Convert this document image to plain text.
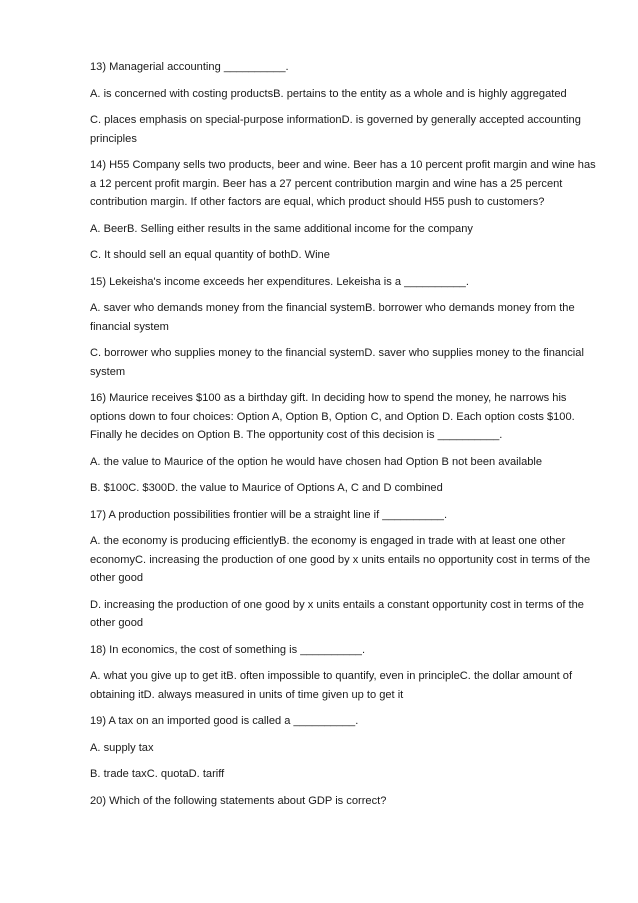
13) Managerial accounting __________.

A. is concerned with costing productsB. pertains to the entity as a whole and is highly aggregated

C. places emphasis on special-purpose informationD. is governed by generally accepted accounting principles

14) H55 Company sells two products, beer and wine. Beer has a 10 percent profit margin and wine has a 12 percent profit margin. Beer has a 27 percent contribution margin and wine has a 25 percent contribution margin. If other factors are equal, which product should H55 push to customers?

A. BeerB. Selling either results in the same additional income for the company

C. It should sell an equal quantity of bothD. Wine

15) Lekeisha's income exceeds her expenditures. Lekeisha is a __________.

A. saver who demands money from the financial systemB. borrower who demands money from the financial system

C. borrower who supplies money to the financial systemD. saver who supplies money to the financial system

16) Maurice receives $100 as a birthday gift. In deciding how to spend the money, he narrows his options down to four choices: Option A, Option B, Option C, and Option D. Each option costs $100. Finally he decides on Option B. The opportunity cost of this decision is __________.

A. the value to Maurice of the option he would have chosen had Option B not been available

B. $100C. $300D. the value to Maurice of Options A, C and D combined

17) A production possibilities frontier will be a straight line if __________.

A. the economy is producing efficientlyB. the economy is engaged in trade with at least one other economyC. increasing the production of one good by x units entails no opportunity cost in terms of the other good

D. increasing the production of one good by x units entails a constant opportunity cost in terms of the other good

18) In economics, the cost of something is __________.

A. what you give up to get itB. often impossible to quantify, even in principleC. the dollar amount of obtaining itD. always measured in units of time given up to get it

19) A tax on an imported good is called a __________.

A. supply tax

B. trade taxC. quotaD. tariff

20) Which of the following statements about GDP is correct?
